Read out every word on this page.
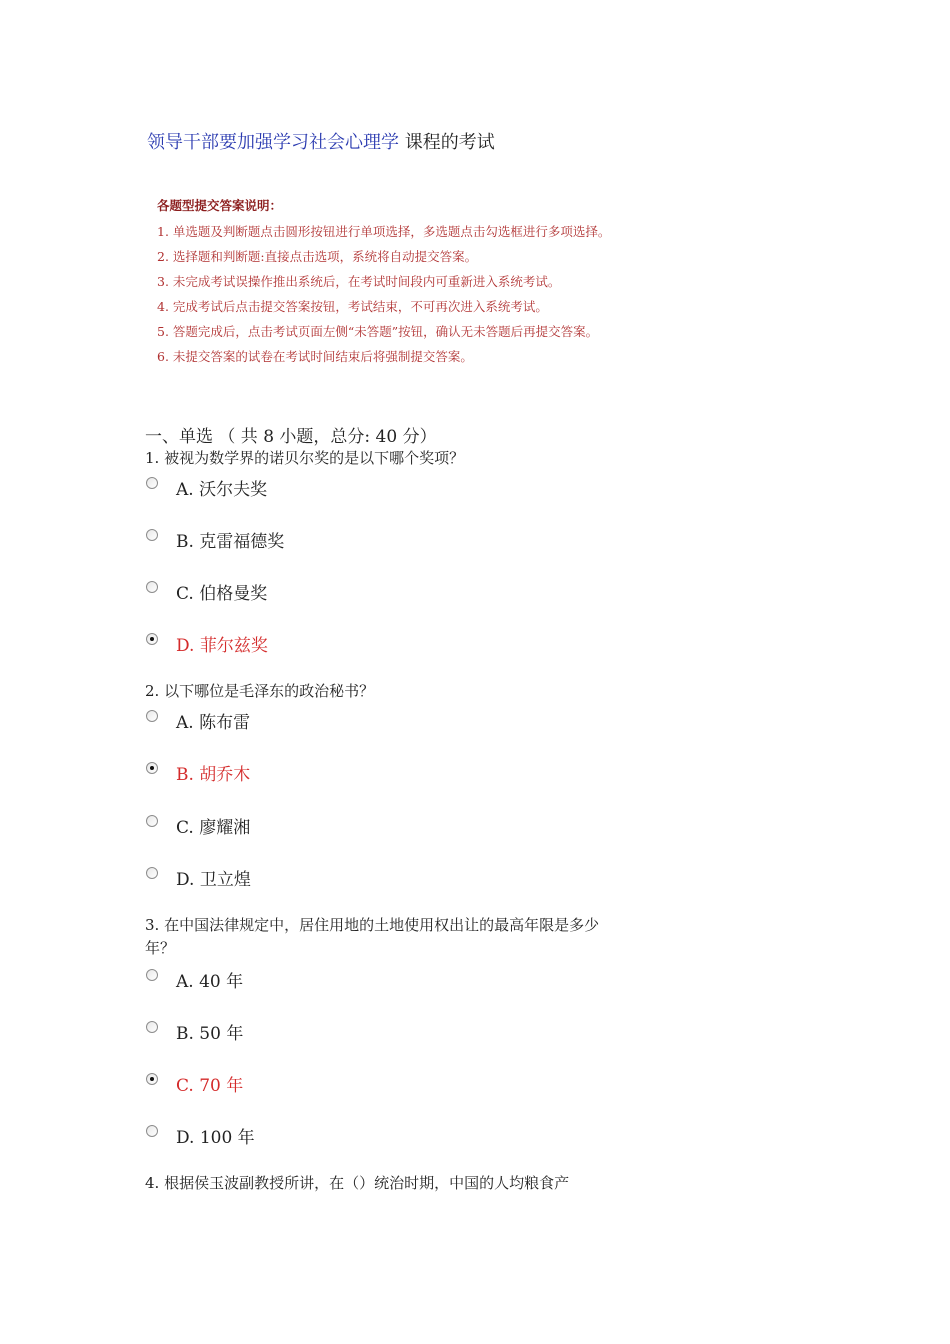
领导干部要加强学习社会心理学 课程的考试
各题型提交答案说明：
1. 单选题及判断题点击圆形按钮进行单项选择，多选题点击勾选框进行多项选择。
2. 选择题和判断题:直接点击选项，系统将自动提交答案。
3. 未完成考试误操作推出系统后，在考试时间段内可重新进入系统考试。
4. 完成考试后点击提交答案按钮，考试结束，不可再次进入系统考试。
5. 答题完成后，点击考试页面左侧“未答题”按钮，确认无未答题后再提交答案。
6. 未提交答案的试卷在考试时间结束后将强制提交答案。
一、单选 （ 共 8 小题，总分: 40 分）
1. 被视为数学界的诺贝尔奖的是以下哪个奖项？
A. 沃尔夫奖
B. 克雷福德奖
C. 伯格曼奖
D. 菲尔兹奖
2. 以下哪位是毛泽东的政治秘书？
A. 陈布雷
B. 胡乔木
C. 廖耀湘
D. 卫立煌
3. 在中国法律规定中，居住用地的土地使用权出让的最高年限是多少年？
A. 40 年
B. 50 年
C. 70 年
D. 100 年
4. 根据侯玉波副教授所讲，在（）统治时期，中国的人均粮食产
